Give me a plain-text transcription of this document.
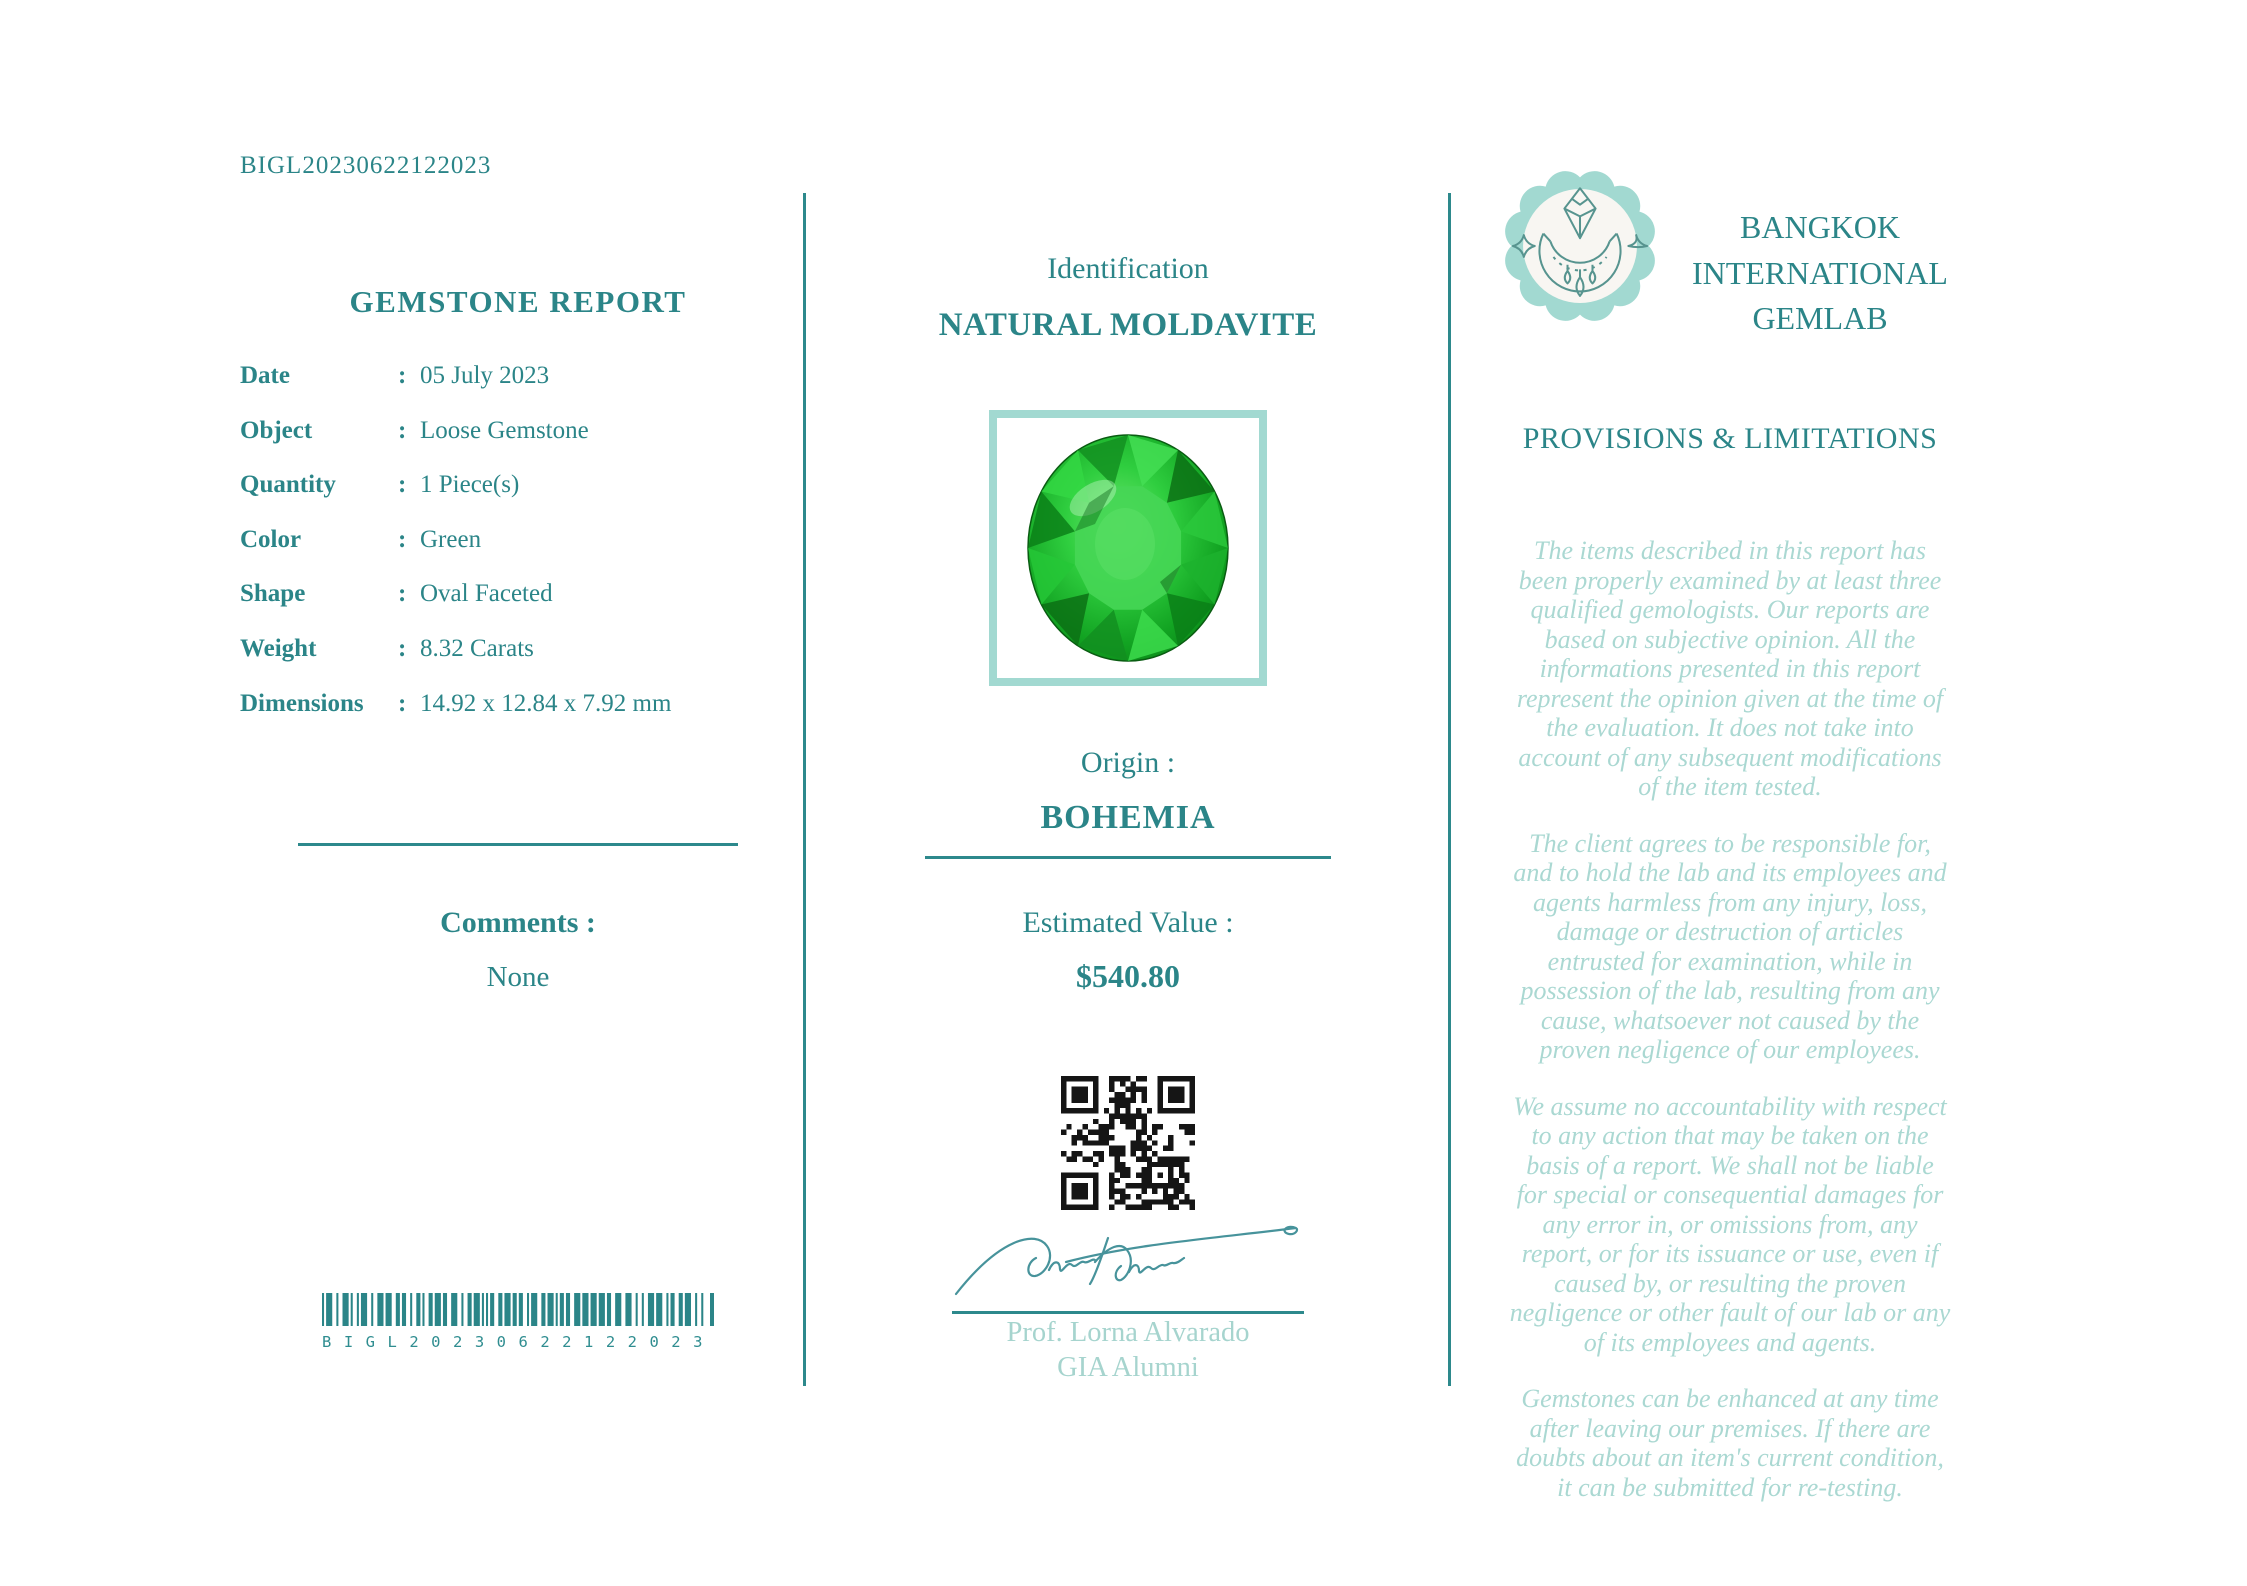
BIGL20230622122023
GEMSTONE REPORT
Date	: 05 July 2023
Object	: Loose Gemstone
Quantity	: 1 Piece(s)
Color	: Green
Shape	: Oval Faceted
Weight	: 8.32 Carats
Dimensions	: 14.92 x 12.84 x 7.92 mm
Comments :
None
BIGL20230622122023
Identification
NATURAL MOLDAVITE
Origin :
BOHEMIA
Estimated Value :
$540.80
Prof. Lorna Alvarado
GIA Alumni
BANGKOK
INTERNATIONAL
GEMLAB
PROVISIONS & LIMITATIONS

The items described in this report has been properly examined by at least three qualified gemologists. Our reports are based on subjective opinion. All the informations presented in this report represent the opinion given at the time of the evaluation. It does not take into account of any subsequent modifications of the item tested.

The client agrees to be responsible for, and to hold the lab and its employees and agents harmless from any injury, loss, damage or destruction of articles entrusted for examination, while in possession of the lab, resulting from any cause, whatsoever not caused by the proven negligence of our employees.

We assume no accountability with respect to any action that may be taken on the basis of a report. We shall not be liable for special or consequential damages for any error in, or omissions from, any report, or for its issuance or use, even if caused by, or resulting the proven negligence or other fault of our lab or any of its employees and agents.

Gemstones can be enhanced at any time after leaving our premises. If there are doubts about an item's current condition, it can be submitted for re-testing.
